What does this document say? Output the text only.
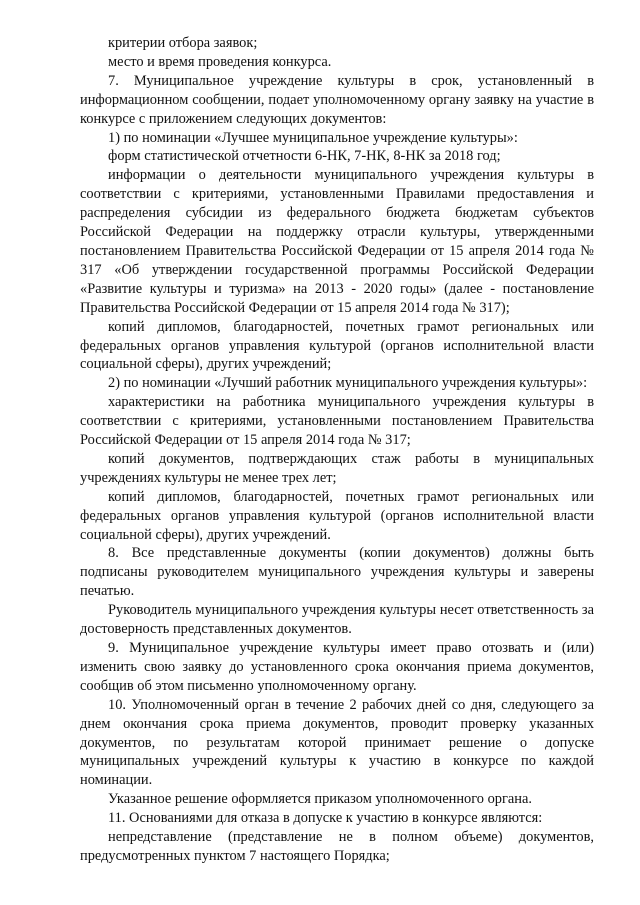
критерии отбора заявок;

место и время проведения конкурса.

7. Муниципальное учреждение культуры в срок, установленный в информационном сообщении, подает уполномоченному органу заявку на участие в конкурсе с приложением следующих документов:

1) по номинации «Лучшее муниципальное учреждение культуры»:

форм статистической отчетности 6-НК, 7-НК, 8-НК за 2018 год;

информации о деятельности муниципального учреждения культуры в соответствии с критериями, установленными Правилами предоставления и распределения субсидии из федерального бюджета бюджетам субъектов Российской Федерации на поддержку отрасли культуры, утвержденными постановлением Правительства Российской Федерации от 15 апреля 2014 года № 317 «Об утверждении государственной программы Российской Федерации «Развитие культуры и туризма» на 2013 - 2020 годы» (далее - постановление Правительства Российской Федерации от 15 апреля 2014 года № 317);

копий дипломов, благодарностей, почетных грамот региональных или федеральных органов управления культурой (органов исполнительной власти социальной сферы), других учреждений;

2) по номинации «Лучший работник муниципального учреждения культуры»:

характеристики на работника муниципального учреждения культуры в соответствии с критериями, установленными постановлением Правительства Российской Федерации от 15 апреля 2014 года № 317;

копий документов, подтверждающих стаж работы в муниципальных учреждениях культуры не менее трех лет;

копий дипломов, благодарностей, почетных грамот региональных или федеральных органов управления культурой (органов исполнительной власти социальной сферы), других учреждений.

8. Все представленные документы (копии документов) должны быть подписаны руководителем муниципального учреждения культуры и заверены печатью.

Руководитель муниципального учреждения культуры несет ответственность за достоверность представленных документов.

9. Муниципальное учреждение культуры имеет право отозвать и (или) изменить свою заявку до установленного срока окончания приема документов, сообщив об этом письменно уполномоченному органу.

10. Уполномоченный орган в течение 2 рабочих дней со дня, следующего за днем окончания срока приема документов, проводит проверку указанных документов, по результатам которой принимает решение о допуске муниципальных учреждений культуры к участию в конкурсе по каждой номинации.

Указанное решение оформляется приказом уполномоченного органа.

11. Основаниями для отказа в допуске к участию в конкурсе являются:

непредставление (представление не в полном объеме) документов, предусмотренных пунктом 7 настоящего Порядка;
